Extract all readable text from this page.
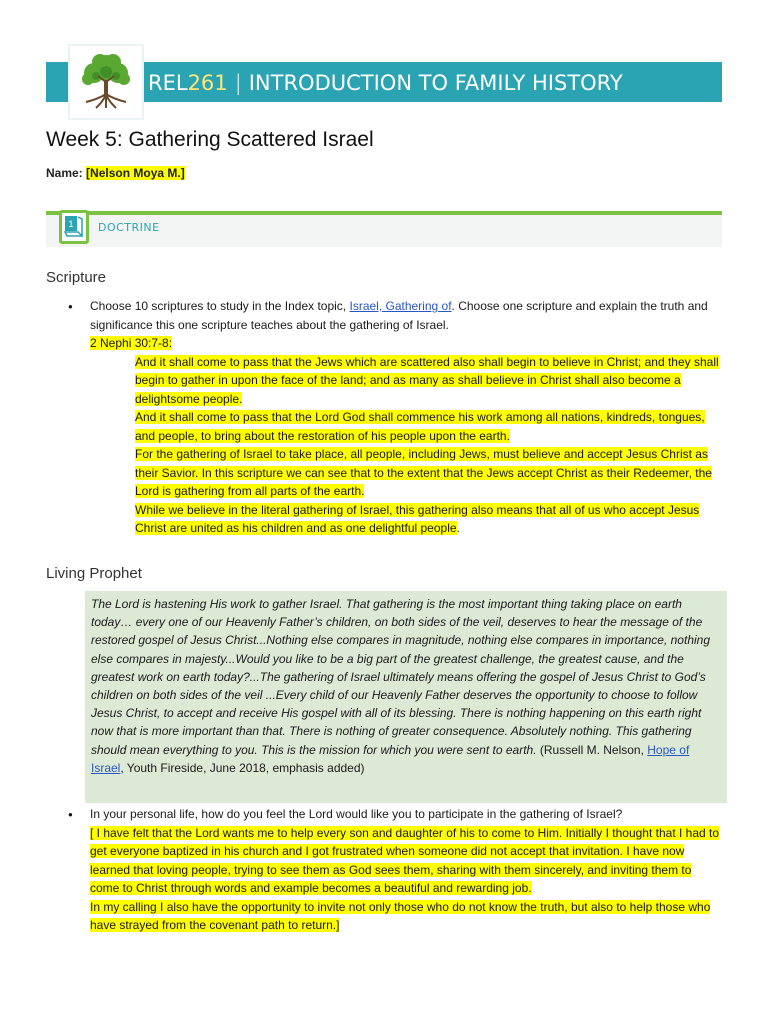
REL 261 | INTRODUCTION TO FAMILY HISTORY
Week 5: Gathering Scattered Israel
Name: [Nelson Moya M.]
1 DOCTRINE
Scripture
● Choose 10 scriptures to study in the Index topic, Israel, Gathering of. Choose one scripture and explain the truth and significance this one scripture teaches about the gathering of Israel.

2 Nephi 30:7-8:

And it shall come to pass that the Jews which are scattered also shall begin to believe in Christ; and they shall begin to gather in upon the face of the land; and as many as shall believe in Christ shall also become a delightsome people.

And it shall come to pass that the Lord God shall commence his work among all nations, kindreds, tongues, and people, to bring about the restoration of his people upon the earth.

For the gathering of Israel to take place, all people, including Jews, must believe and accept Jesus Christ as their Savior. In this scripture we can see that to the extent that the Jews accept Christ as their Redeemer, the Lord is gathering from all parts of the earth.

While we believe in the literal gathering of Israel, this gathering also means that all of us who accept Jesus Christ are united as his children and as one delightful people.

Living Prophet

The Lord is hastening His work to gather Israel. That gathering is the most important thing taking place on earth today… every one of our Heavenly Father’s children, on both sides of the veil, deserves to hear the message of the restored gospel of Jesus Christ...Nothing else compares in magnitude, nothing else compares in importance, nothing else compares in majesty...Would you like to be a big part of the greatest challenge, the greatest cause, and the greatest work on earth today?...The gathering of Israel ultimately means offering the gospel of Jesus Christ to God’s children on both sides of the veil ...Every child of our Heavenly Father deserves the opportunity to choose to follow Jesus Christ, to accept and receive His gospel with all of its blessing. There is nothing happening on this earth right now that is more important than that. There is nothing of greater consequence. Absolutely nothing. This gathering should mean everything to you. This is the mission for which you were sent to earth. (Russell M. Nelson, Hope of Israel, Youth Fireside, June 2018, emphasis added)

● In your personal life, how do you feel the Lord would like you to participate in the gathering of Israel?

[ I have felt that the Lord wants me to help every son and daughter of his to come to Him. Initially I thought that I had to get everyone baptized in his church and I got frustrated when someone did not accept that invitation. I have now learned that loving people, trying to see them as God sees them, sharing with them sincerely, and inviting them to come to Christ through words and example becomes a beautiful and rewarding job.

In my calling I also have the opportunity to invite not only those who do not know the truth, but also to help those who have strayed from the covenant path to return.]
